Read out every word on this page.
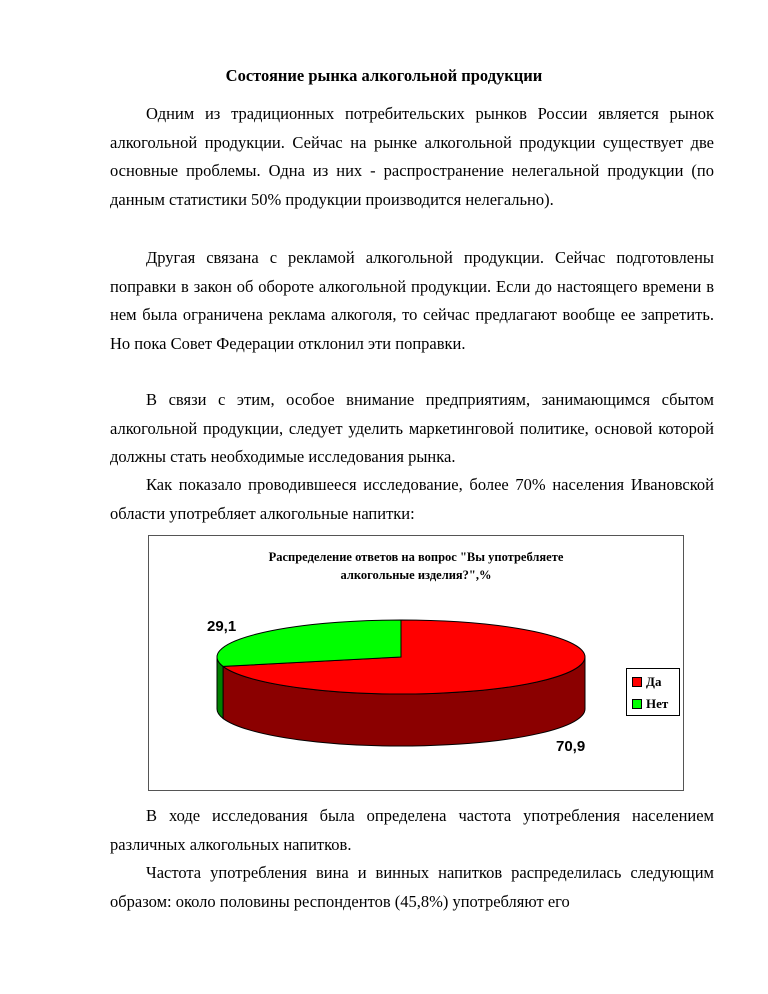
Состояние рынка алкогольной продукции

Одним из традиционных потребительских рынков России является рынок алкогольной продукции. Сейчас на рынке алкогольной продукции существует две основные проблемы. Одна из них - распространение нелегальной продукции (по данным статистики 50% продукции производится нелегально).

Другая связана с рекламой алкогольной продукции. Сейчас подготовлены поправки в закон об обороте алкогольной продукции. Если до настоящего времени в нем была ограничена реклама алкоголя, то сейчас предлагают вообще ее запретить. Но пока Совет Федерации отклонил эти поправки.

В связи с этим, особое внимание предприятиям, занимающимся сбытом алкогольной продукции, следует уделить маркетинговой политике, основой которой должны стать необходимые исследования рынка.

Как показало проводившееся исследование, более 70% населения Ивановской области употребляет алкогольные напитки:

Распределение ответов на вопрос "Вы употребляете
алкогольные изделия?",%
29,1
70,9
Да
Нет

В ходе исследования была определена частота употребления населением различных алкогольных напитков.

Частота употребления вина и винных напитков распределилась следующим образом: около половины респондентов (45,8%) употребляют его
